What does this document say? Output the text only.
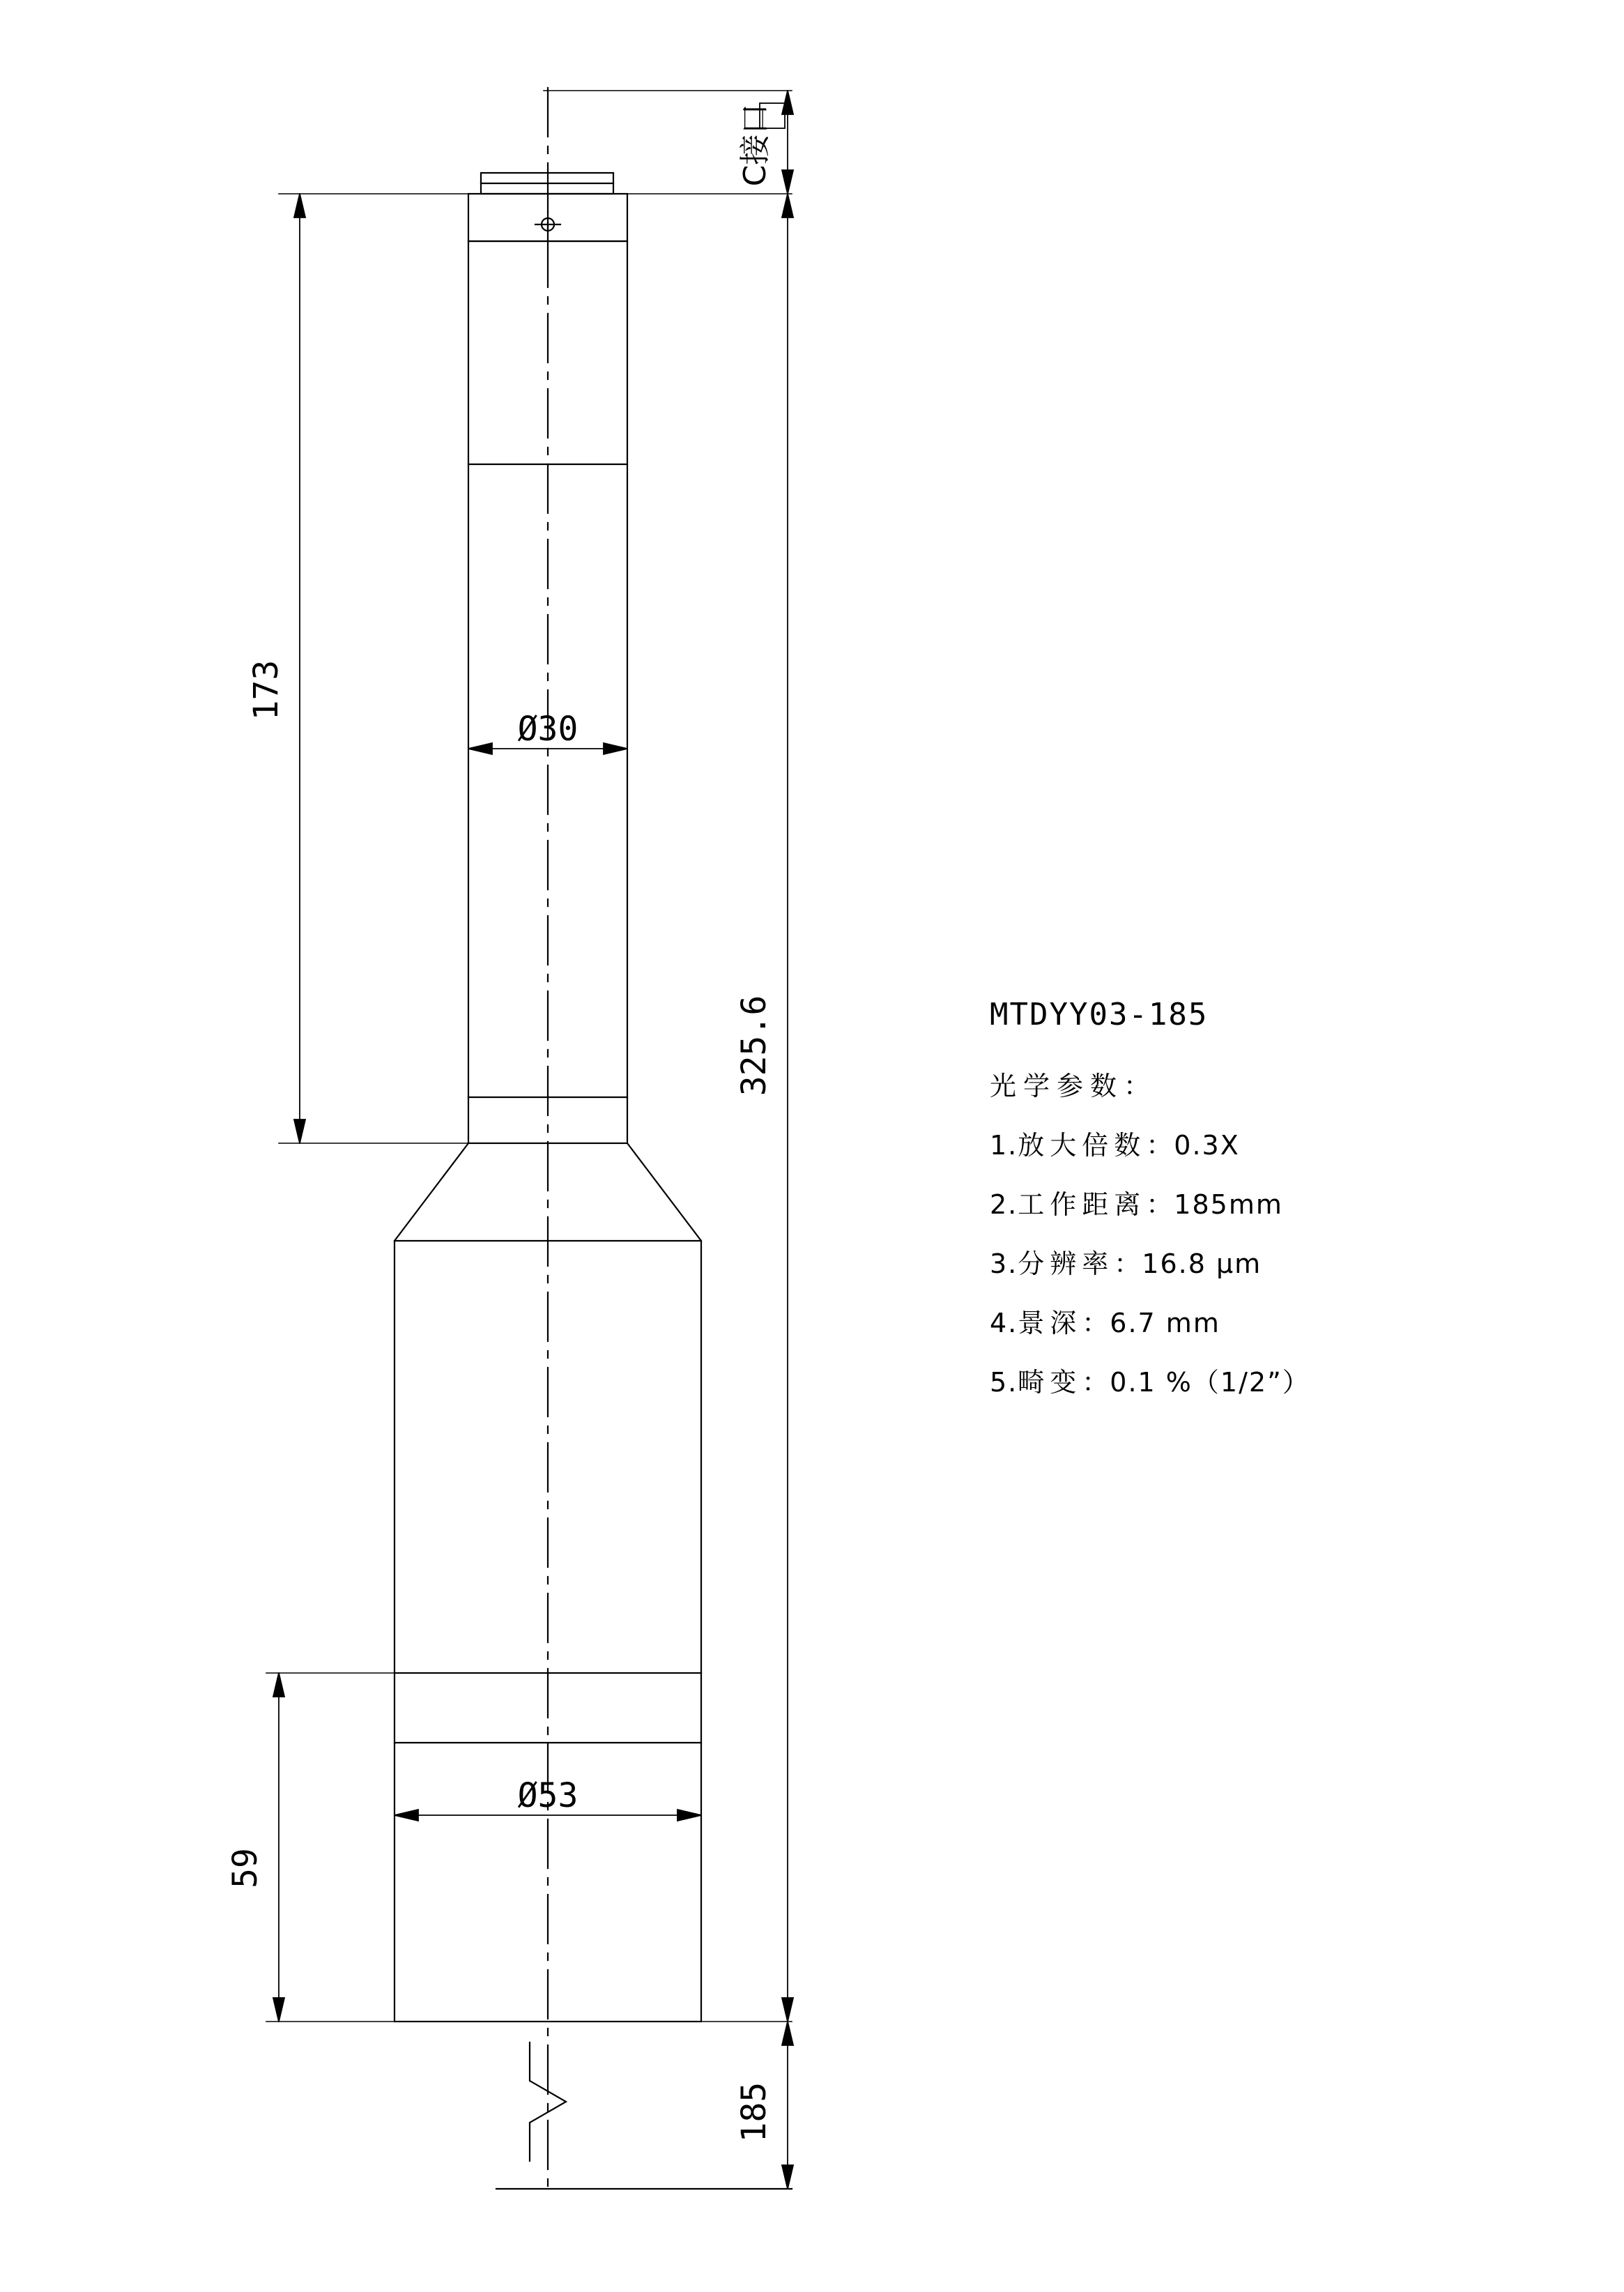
173
59
325.6
185
C接口
Ø30
Ø53
MTDYY03-185
光学参数：
1.放大倍数：0.3X
2.工作距离：185mm
3.分辨率：16.8 μm
4.景深：6.7 mm
5.畸变：0.1 %（1/2”）
